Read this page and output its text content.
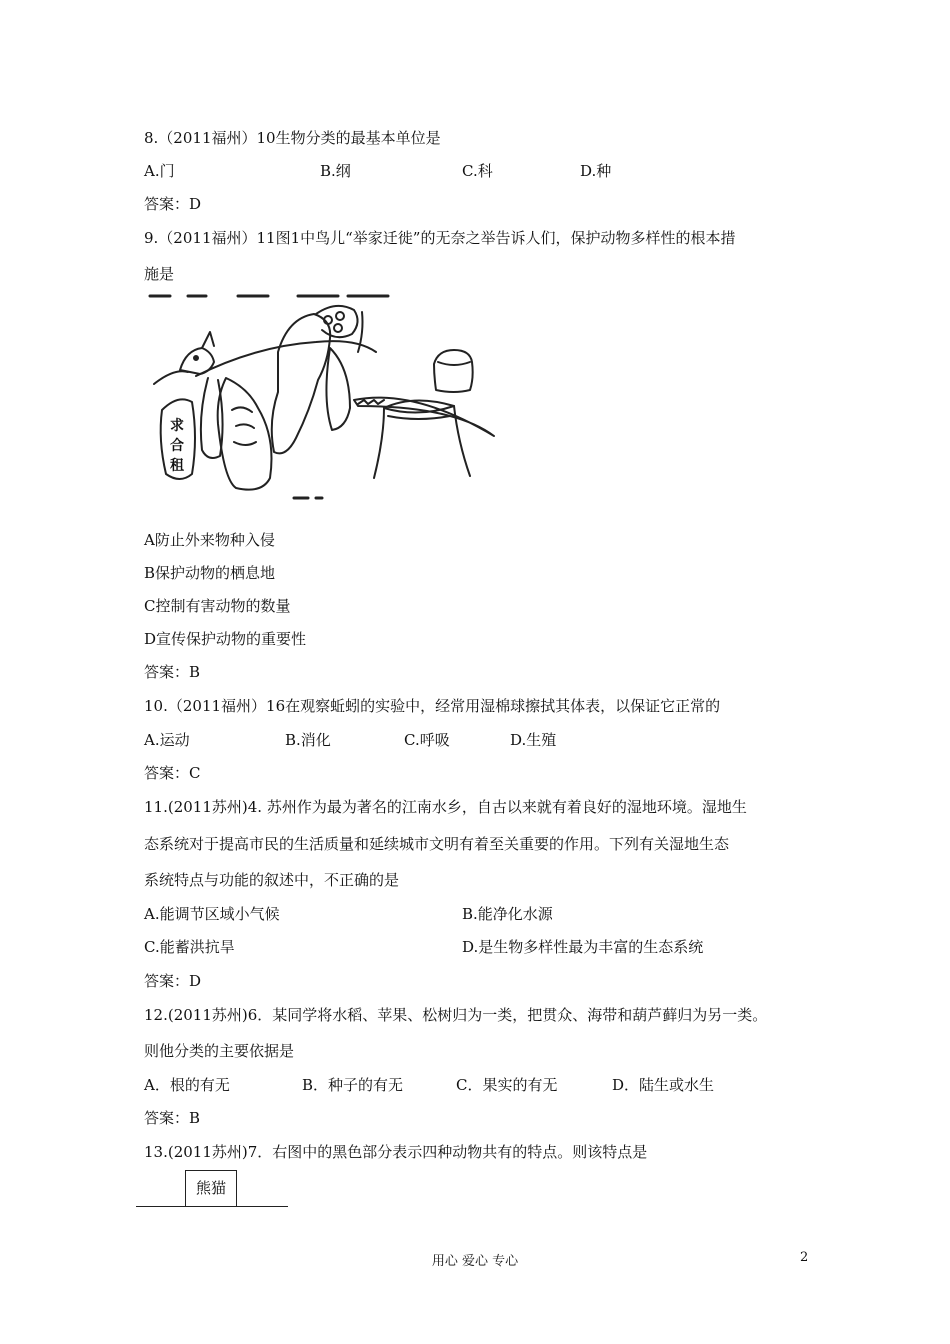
8.（2011福州）10生物分类的最基本单位是
A.门	B.纲	C.科	D.种
答案：D
9.（2011福州）11图1中鸟儿“举家迁徙”的无奈之举告诉人们，保护动物多样性的根本措
施是
求
合
租
A防止外来物种入侵
B保护动物的栖息地
C控制有害动物的数量
D宣传保护动物的重要性
答案：B
10.（2011福州）16在观察蚯蚓的实验中，经常用湿棉球擦拭其体表，以保证它正常的
A.运动	B.消化	C.呼吸	D.生殖
答案：C
11.(2011苏州)4. 苏州作为最为著名的江南水乡，自古以来就有着良好的湿地环境。湿地生
态系统对于提高市民的生活质量和延续城市文明有着至关重要的作用。下列有关湿地生态
系统特点与功能的叙述中，不正确的是
A.能调节区域小气候	B.能净化水源
C.能蓄洪抗旱	D.是生物多样性最为丰富的生态系统
答案：D
12.(2011苏州)6．某同学将水稻、苹果、松树归为一类，把贯众、海带和葫芦藓归为另一类。
则他分类的主要依据是
A．根的有无	B．种子的有无	C．果实的有无	D．陆生或水生
答案：B
13.(2011苏州)7．右图中的黑色部分表示四种动物共有的特点。则该特点是
熊猫
用心 爱心 专心	2
